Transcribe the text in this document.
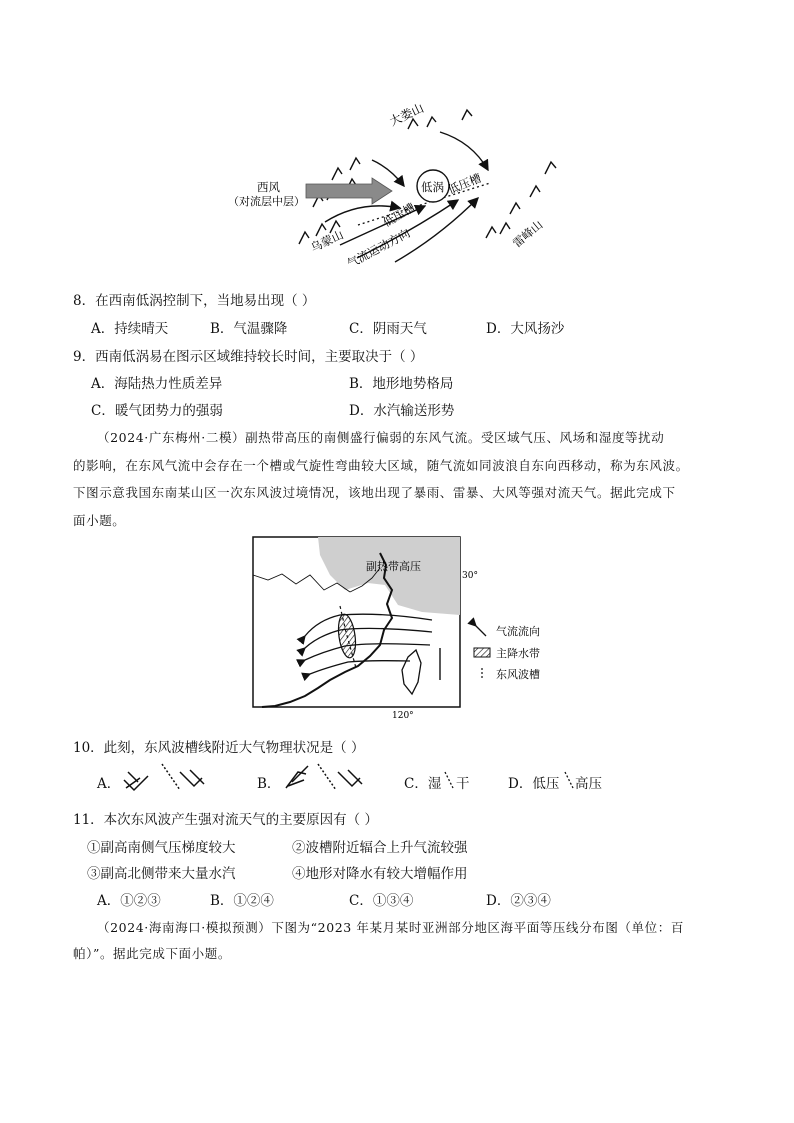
大娄山
西风
（对流层中层）
低涡 低压槽
低压槽
乌蒙山 气流运动方向	雷峰山
8．在西南低涡控制下，当地易出现（ ）
A．持续晴天	B．气温骤降	C．阴雨天气	D．大风扬沙
9．西南低涡易在图示区域维持较长时间，主要取决于（ ）
A．海陆热力性质差异	B．地形地势格局
C．暖气团势力的强弱	D．水汽输送形势
（2024·广东梅州·二模）副热带高压的南侧盛行偏弱的东风气流。受区域气压、风场和湿度等扰动
的影响，在东风气流中会存在一个槽或气旋性弯曲较大区域，随气流如同波浪自东向西移动，称为东风波。
下图示意我国东南某山区一次东风波过境情况，该地出现了暴雨、雷暴、大风等强对流天气。据此完成下
面小题。
副热带高压
30°
120°
气流流向
主降水带
东风波槽
10．此刻，东风波槽线附近大气物理状况是（ ）
A．	B．	C．湿 干	D．低压 高压
11．本次东风波产生强对流天气的主要原因有（ ）
①副高南侧气压梯度较大	②波槽附近辐合上升气流较强
③副高北侧带来大量水汽	④地形对降水有较大增幅作用
A．①②③	B．①②④	C．①③④	D．②③④
（2024·海南海口·模拟预测）下图为“2023 年某月某时亚洲部分地区海平面等压线分布图（单位：百
帕）”。据此完成下面小题。
